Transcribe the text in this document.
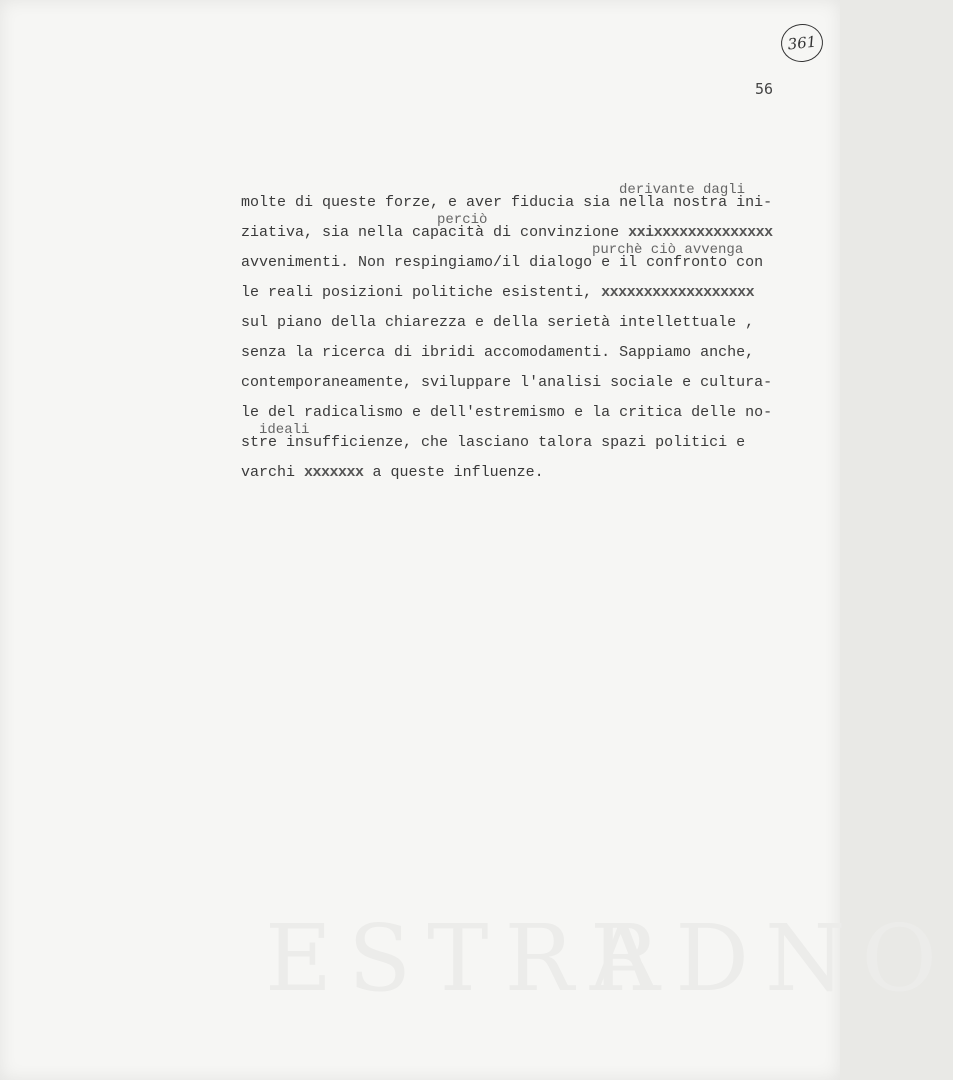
361
56

molte di queste forze, e aver fiducia sia nella nostra ini-

ziativa, sia nella capacità di convinzione xxixxxxxxxxxxxxxx

derivante dagli

avvenimenti. Non respingiamo/il dialogo e il confronto con

perciò

le reali posizioni politiche esistenti, xxxxxxxxxxxxxxxxxx

purchè ciò avvenga

sul piano della chiarezza e della serietà intellettuale ,

senza la ricerca di ibridi accomodamenti. Sappiamo anche,

contemporaneamente, sviluppare l'analisi sociale e cultura-

le del radicalismo e dell'estremismo e la critica delle no-

stre insufficienze, che lasciano talora spazi politici e

varchi xxxxxxx a queste influenze.

ideali

RDNO
ESTRA
